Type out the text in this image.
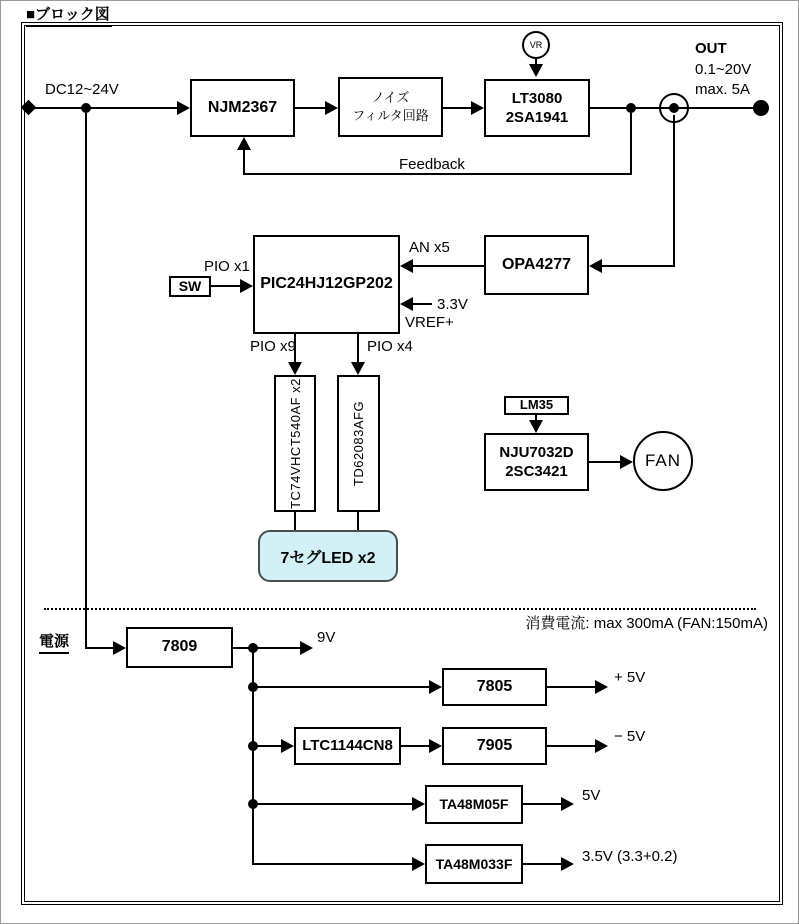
■ブロック図
DC12~24V
NJM2367
ノイズ
フィルタ回路
LT3080
2SA1941
VR	OUT
0.1~20V
max. 5A
Feedback
SW
PIO x1
PIC24HJ12GP202
AN x5
3.3V
VREF+
PIO x9	PIO x4
OPA4277
TC74VHCT540AF x2	TD62083AFG
7セグLED x2
LM35
NJU7032D
2SC3421
FAN
消費電流: max 300mA (FAN:150mA)
電源	7809
9V
7805
+ 5V
LTC1144CN8	7905
− 5V
TA48M05F
5V
TA48M033F	3.5V (3.3+0.2)
